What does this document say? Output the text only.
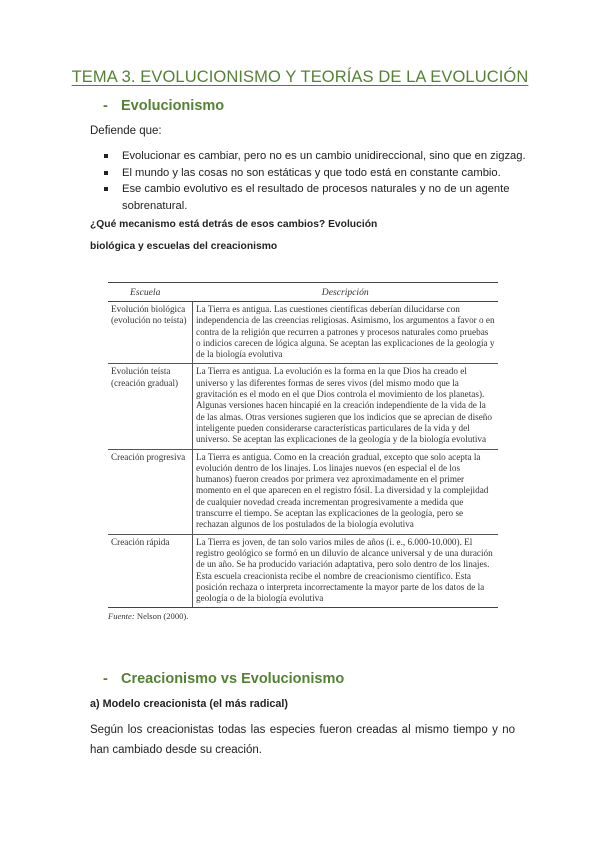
TEMA 3. EVOLUCIONISMO Y TEORÍAS DE LA EVOLUCIÓN
- Evolucionismo
Defiende que:
Evolucionar es cambiar, pero no es un cambio unidireccional, sino que en zigzag.
El mundo y las cosas no son estáticas y que todo está en constante cambio.
Ese cambio evolutivo es el resultado de procesos naturales y no de un agente sobrenatural.
¿Qué mecanismo está detrás de esos cambios? Evolución
biológica y escuelas del creacionismo
Escuela	Descripción
Evolución biológica (evolución no teísta)	La Tierra es antigua. Las cuestiones científicas deberían dilucidarse con independencia de las creencias religiosas. Asimismo, los argumentos a favor o en contra de la religión que recurren a patrones y procesos naturales como pruebas o indicios carecen de lógica alguna. Se aceptan las explicaciones de la geología y de la biología evolutiva
Evolución teísta (creación gradual)	La Tierra es antigua. La evolución es la forma en la que Dios ha creado el universo y las diferentes formas de seres vivos (del mismo modo que la gravitación es el modo en el que Dios controla el movimiento de los planetas). Algunas versiones hacen hincapié en la creación independiente de la vida de la de las almas. Otras versiones sugieren que los indicios que se aprecian de diseño inteligente pueden considerarse características particulares de la vida y del universo. Se aceptan las explicaciones de la geología y de la biología evolutiva
Creación progresiva	La Tierra es antigua. Como en la creación gradual, excepto que solo acepta la evolución dentro de los linajes. Los linajes nuevos (en especial el de los humanos) fueron creados por primera vez aproximadamente en el primer momento en el que aparecen en el registro fósil. La diversidad y la complejidad de cualquier novedad creada incrementan progresivamente a medida que transcurre el tiempo. Se aceptan las explicaciones de la geología, pero se rechazan algunos de los postulados de la biología evolutiva
Creación rápida	La Tierra es joven, de tan solo varios miles de años (i. e., 6.000-10.000). El registro geológico se formó en un diluvio de alcance universal y de una duración de un año. Se ha producido variación adaptativa, pero solo dentro de los linajes. Esta escuela creacionista recibe el nombre de creacionismo científico. Esta posición rechaza o interpreta incorrectamente la mayor parte de los datos de la geología o de la biología evolutiva
Fuente: Nelson (2000).
- Creacionismo vs Evolucionismo
a) Modelo creacionista (el más radical)
Según los creacionistas todas las especies fueron creadas al mismo tiempo y no han cambiado desde su creación.
